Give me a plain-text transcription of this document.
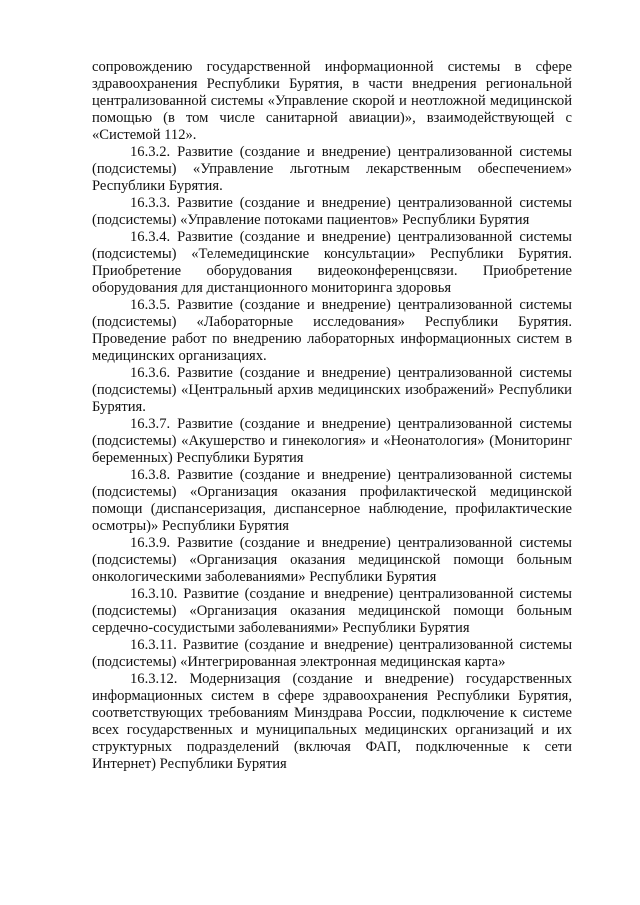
сопровождению государственной информационной системы в сфере здравоохранения Республики Бурятия, в части внедрения региональной централизованной системы «Управление скорой и неотложной медицинской помощью (в том числе санитарной авиации)», взаимодействующей с «Системой 112».

16.3.2. Развитие (создание и внедрение) централизованной системы (подсистемы) «Управление льготным лекарственным обеспечением» Республики Бурятия.

16.3.3. Развитие (создание и внедрение) централизованной системы (подсистемы) «Управление потоками пациентов» Республики Бурятия

16.3.4. Развитие (создание и внедрение) централизованной системы (подсистемы) «Телемедицинские консультации» Республики Бурятия. Приобретение оборудования видеоконференцсвязи. Приобретение оборудования для дистанционного мониторинга здоровья

16.3.5. Развитие (создание и внедрение) централизованной системы (подсистемы) «Лабораторные исследования» Республики Бурятия. Проведение работ по внедрению лабораторных информационных систем в медицинских организациях.

16.3.6. Развитие (создание и внедрение) централизованной системы (подсистемы) «Центральный архив медицинских изображений» Республики Бурятия.

16.3.7. Развитие (создание и внедрение) централизованной системы (подсистемы) «Акушерство и гинекология» и «Неонатология» (Мониторинг беременных) Республики Бурятия

16.3.8. Развитие (создание и внедрение) централизованной системы (подсистемы) «Организация оказания профилактической медицинской помощи (диспансеризация, диспансерное наблюдение, профилактические осмотры)» Республики Бурятия

16.3.9. Развитие (создание и внедрение) централизованной системы (подсистемы) «Организация оказания медицинской помощи больным онкологическими заболеваниями» Республики Бурятия

16.3.10. Развитие (создание и внедрение) централизованной системы (подсистемы) «Организация оказания медицинской помощи больным сердечно-сосудистыми заболеваниями» Республики Бурятия

16.3.11. Развитие (создание и внедрение) централизованной системы (подсистемы) «Интегрированная электронная медицинская карта»

16.3.12. Модернизация (создание и внедрение) государственных информационных систем в сфере здравоохранения Республики Бурятия, соответствующих требованиям Минздрава России, подключение к системе всех государственных и муниципальных медицинских организаций и их структурных подразделений (включая ФАП, подключенные к сети Интернет) Республики Бурятия
